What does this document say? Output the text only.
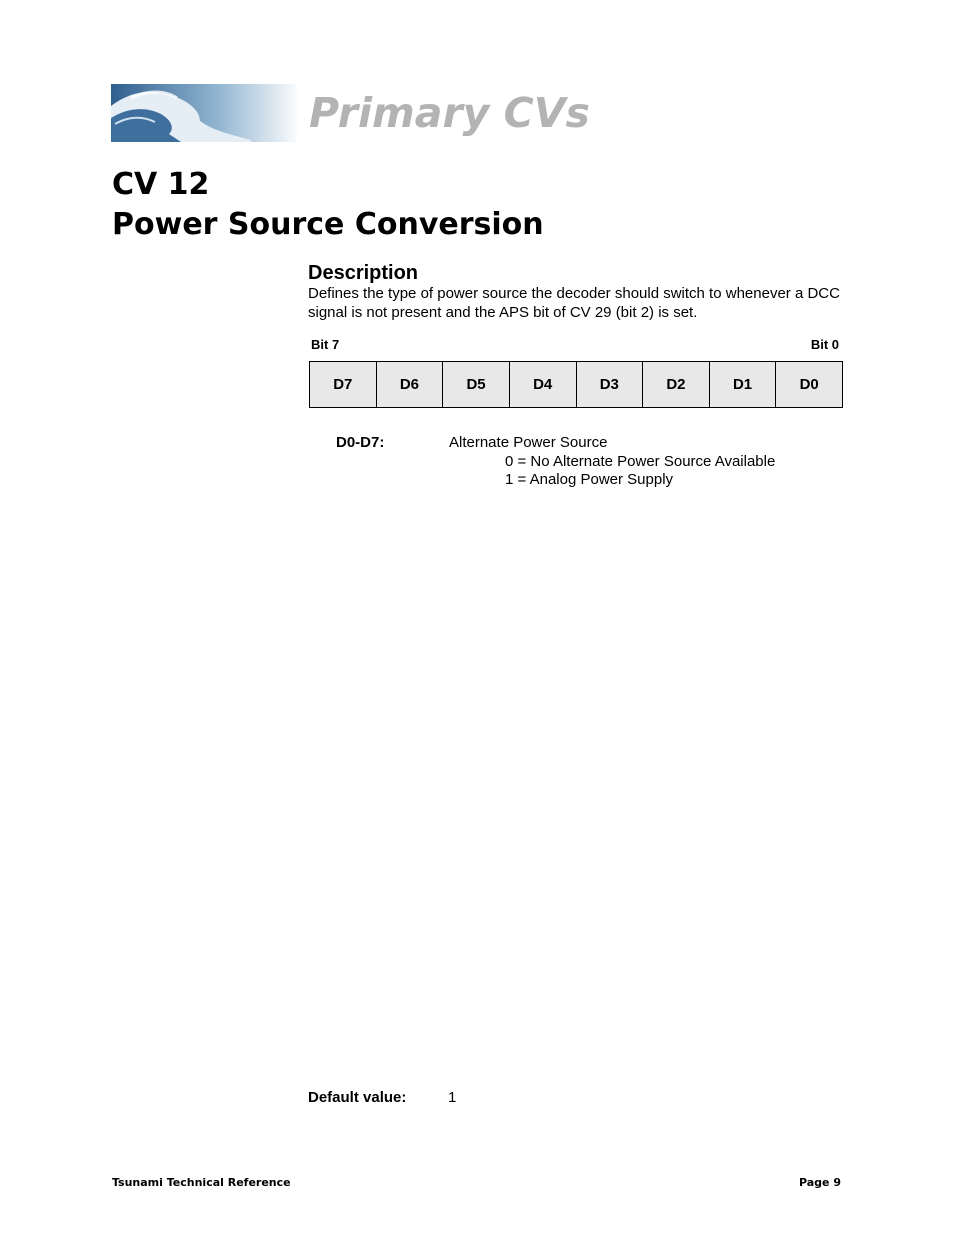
Primary CVs
CV 12
Power Source Conversion
Description
Defines the type of power source the decoder should switch to whenever a DCC signal is not present and the APS bit of CV 29 (bit 2) is set.
Bit 7	Bit 0
D7	D6	D5	D4	D3	D2	D1	D0
D0-D7:	Alternate Power Source
0 = No Alternate Power Source Available
1 = Analog Power Supply
Default value:	1
Tsunami Technical Reference	Page 9
